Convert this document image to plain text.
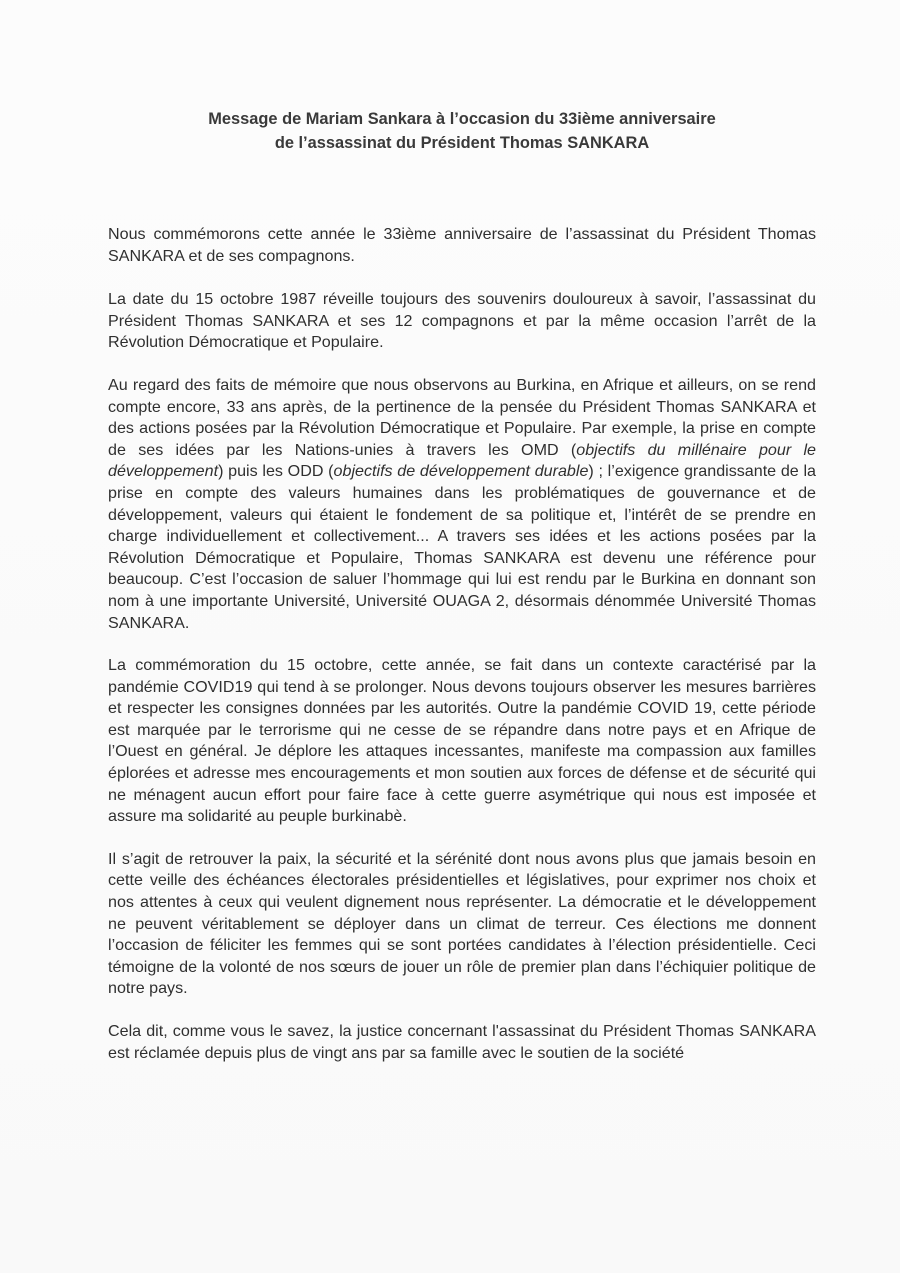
Message de Mariam Sankara à l’occasion du 33ième anniversaire
de l’assassinat du Président Thomas SANKARA

Nous commémorons cette année le 33ième anniversaire de l’assassinat du Président Thomas SANKARA et de ses compagnons.

La date du 15 octobre 1987 réveille toujours des souvenirs douloureux à savoir, l’assassinat du Président Thomas SANKARA et ses 12 compagnons et par la même occasion l’arrêt de la Révolution Démocratique et Populaire.

Au regard des faits de mémoire que nous observons au Burkina, en Afrique et ailleurs, on se rend compte encore, 33 ans après, de la pertinence de la pensée du Président Thomas SANKARA et des actions posées par la Révolution Démocratique et Populaire. Par exemple, la prise en compte de ses idées par les Nations-unies à travers les OMD (objectifs du millénaire pour le développement) puis les ODD (objectifs de développement durable) ; l’exigence grandissante de la prise en compte des valeurs humaines dans les problématiques de gouvernance et de développement, valeurs qui étaient le fondement de sa politique et, l’intérêt de se prendre en charge individuellement et collectivement... A travers ses idées et les actions posées par la Révolution Démocratique et Populaire, Thomas SANKARA est devenu une référence pour beaucoup. C’est l’occasion de saluer l’hommage qui lui est rendu par le Burkina en donnant son nom à une importante Université, Université OUAGA 2, désormais dénommée Université Thomas SANKARA.

La commémoration du 15 octobre, cette année, se fait dans un contexte caractérisé par la pandémie COVID19 qui tend à se prolonger. Nous devons toujours observer les mesures barrières et respecter les consignes données par les autorités. Outre la pandémie COVID 19, cette période est marquée par le terrorisme qui ne cesse de se répandre dans notre pays et en Afrique de l’Ouest en général. Je déplore les attaques incessantes, manifeste ma compassion aux familles éplorées et adresse mes encouragements et mon soutien aux forces de défense et de sécurité qui ne ménagent aucun effort pour faire face à cette guerre asymétrique qui nous est imposée et assure ma solidarité au peuple burkinabè.

Il s’agit de retrouver la paix, la sécurité et la sérénité dont nous avons plus que jamais besoin en cette veille des échéances électorales présidentielles et législatives, pour exprimer nos choix et nos attentes à ceux qui veulent dignement nous représenter. La démocratie et le développement ne peuvent véritablement se déployer dans un climat de terreur. Ces élections me donnent l’occasion de féliciter les femmes qui se sont portées candidates à l’élection présidentielle. Ceci témoigne de la volonté de nos sœurs de jouer un rôle de premier plan dans l’échiquier politique de notre pays.

Cela dit, comme vous le savez, la justice concernant l'assassinat du Président Thomas SANKARA est réclamée depuis plus de vingt ans par sa famille avec le soutien de la société
